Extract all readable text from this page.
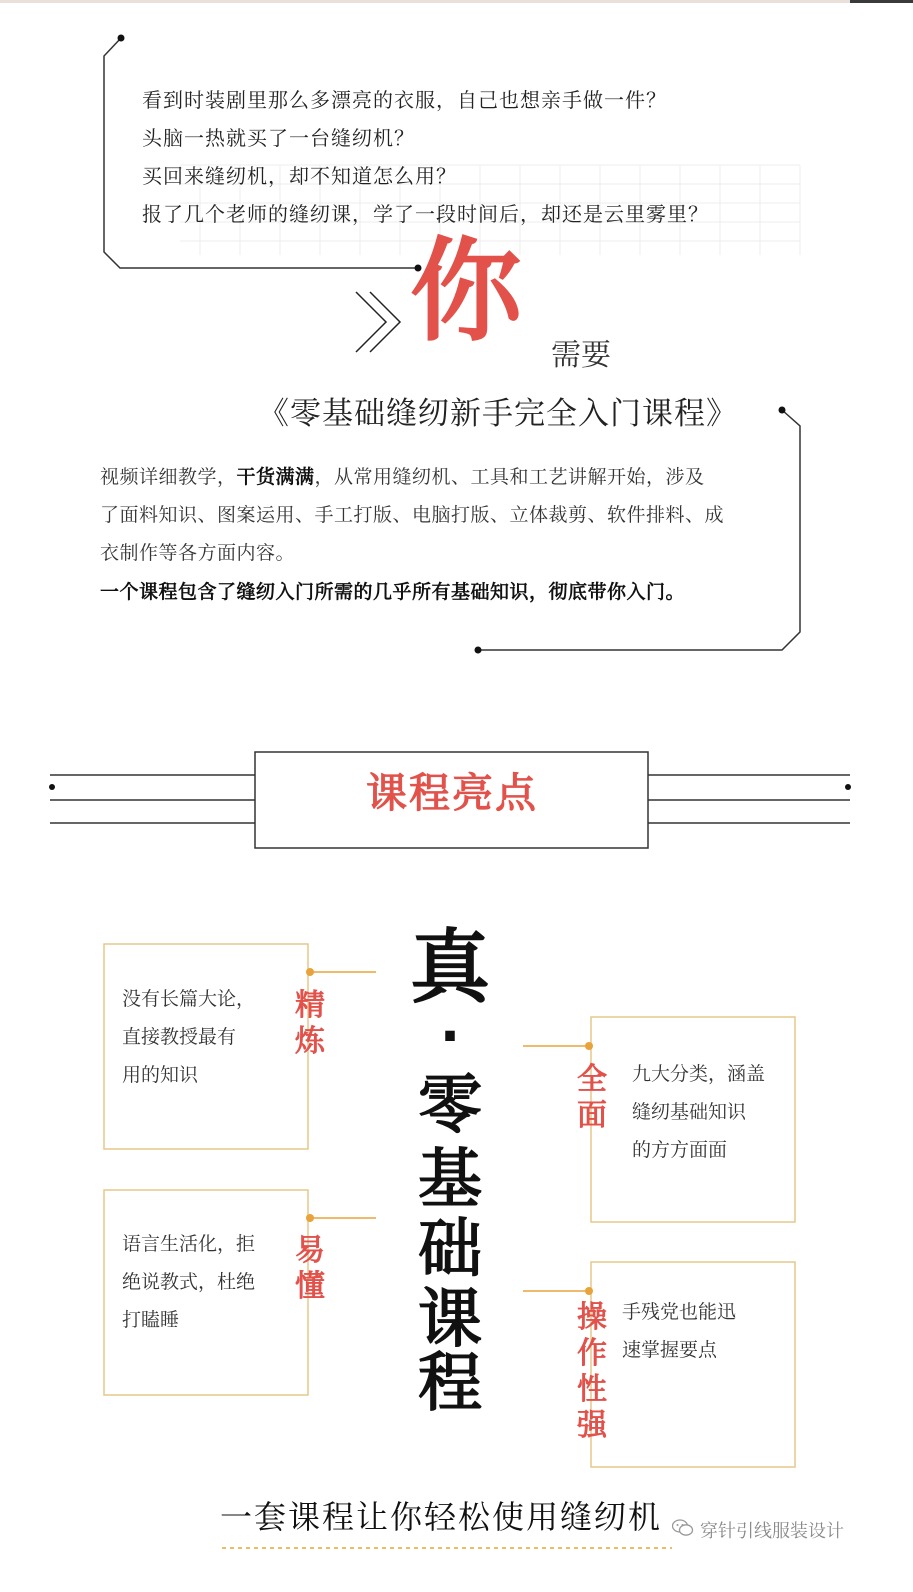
看到时装剧里那么多漂亮的衣服，自己也想亲手做一件？
头脑一热就买了一台缝纫机？
买回来缝纫机，却不知道怎么用？
报了几个老师的缝纫课，学了一段时间后，却还是云里雾里？
你 需要
《零基础缝纫新手完全入门课程》
视频详细教学，干货满满，从常用缝纫机、工具和工艺讲解开始，涉及
了面料知识、图案运用、手工打版、电脑打版、立体裁剪、软件排料、成
衣制作等各方面内容。
一个课程包含了缝纫入门所需的几乎所有基础知识，彻底带你入门。
课程亮点
真
·
零
基
础
课
程
没有长篇大论，
直接教授最有
用的知识
精炼
全面
九大分类，涵盖
缝纫基础知识
的方方面面
语言生活化，拒
绝说教式，杜绝
打瞌睡
易懂
操作性强
手残党也能迅
速掌握要点
一套课程让你轻松使用缝纫机 穿针引线服装设计
